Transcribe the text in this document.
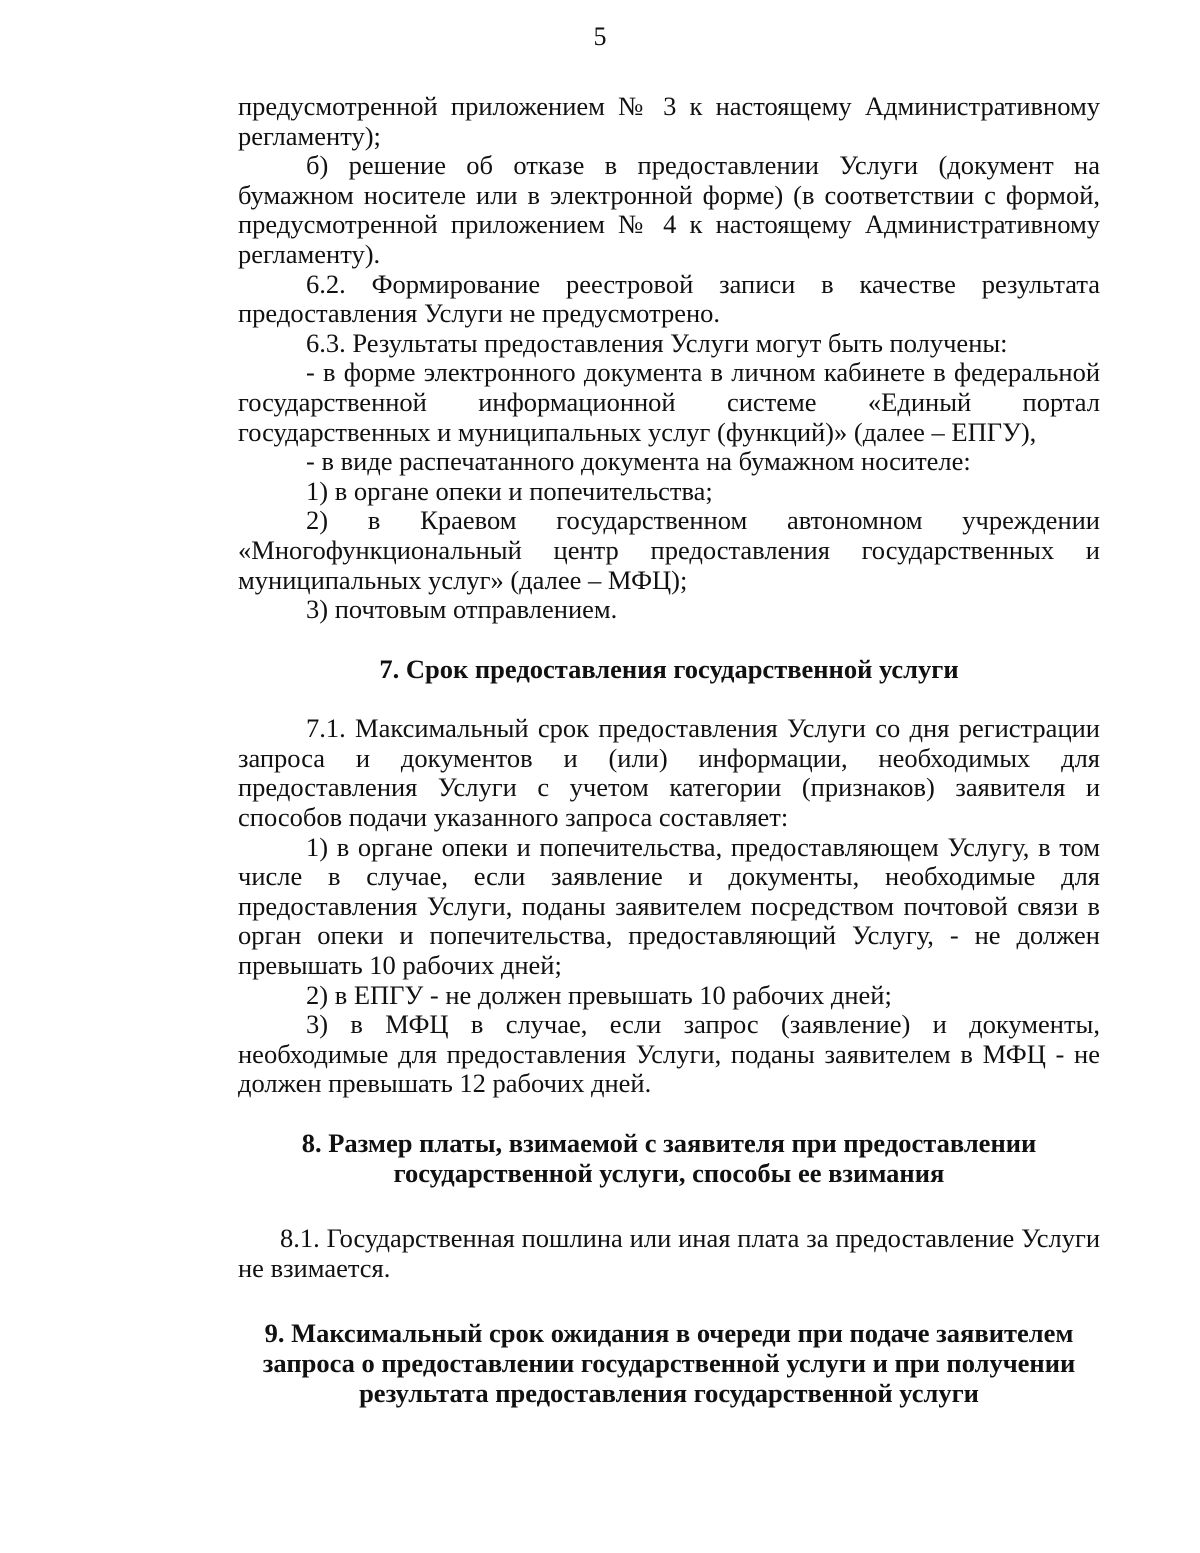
5

предусмотренной приложением № 3 к настоящему Административному регламенту);

б) решение об отказе в предоставлении Услуги (документ на бумажном носителе или в электронной форме) (в соответствии с формой, предусмотренной приложением № 4 к настоящему Административному регламенту).

6.2. Формирование реестровой записи в качестве результата предоставления Услуги не предусмотрено.

6.3. Результаты предоставления Услуги могут быть получены:

- в форме электронного документа в личном кабинете в федеральной государственной информационной системе «Единый портал государственных и муниципальных услуг (функций)» (далее – ЕПГУ),

- в виде распечатанного документа на бумажном носителе:

1) в органе опеки и попечительства;

2) в Краевом государственном автономном учреждении «Многофункциональный центр предоставления государственных и муниципальных услуг» (далее – МФЦ);

3) почтовым отправлением.

7. Срок предоставления государственной услуги

7.1. Максимальный срок предоставления Услуги со дня регистрации запроса и документов и (или) информации, необходимых для предоставления Услуги с учетом категории (признаков) заявителя и способов подачи указанного запроса составляет:

1) в органе опеки и попечительства, предоставляющем Услугу, в том числе в случае, если заявление и документы, необходимые для предоставления Услуги, поданы заявителем посредством почтовой связи в орган опеки и попечительства, предоставляющий Услугу, - не должен превышать 10 рабочих дней;

2) в ЕПГУ - не должен превышать 10 рабочих дней;

3) в МФЦ в случае, если запрос (заявление) и документы, необходимые для предоставления Услуги, поданы заявителем в МФЦ - не должен превышать 12 рабочих дней.

8. Размер платы, взимаемой с заявителя при предоставлении
государственной услуги, способы ее взимания

8.1. Государственная пошлина или иная плата за предоставление Услуги не взимается.

9. Максимальный срок ожидания в очереди при подаче заявителем
запроса о предоставлении государственной услуги и при получении
результата предоставления государственной услуги
